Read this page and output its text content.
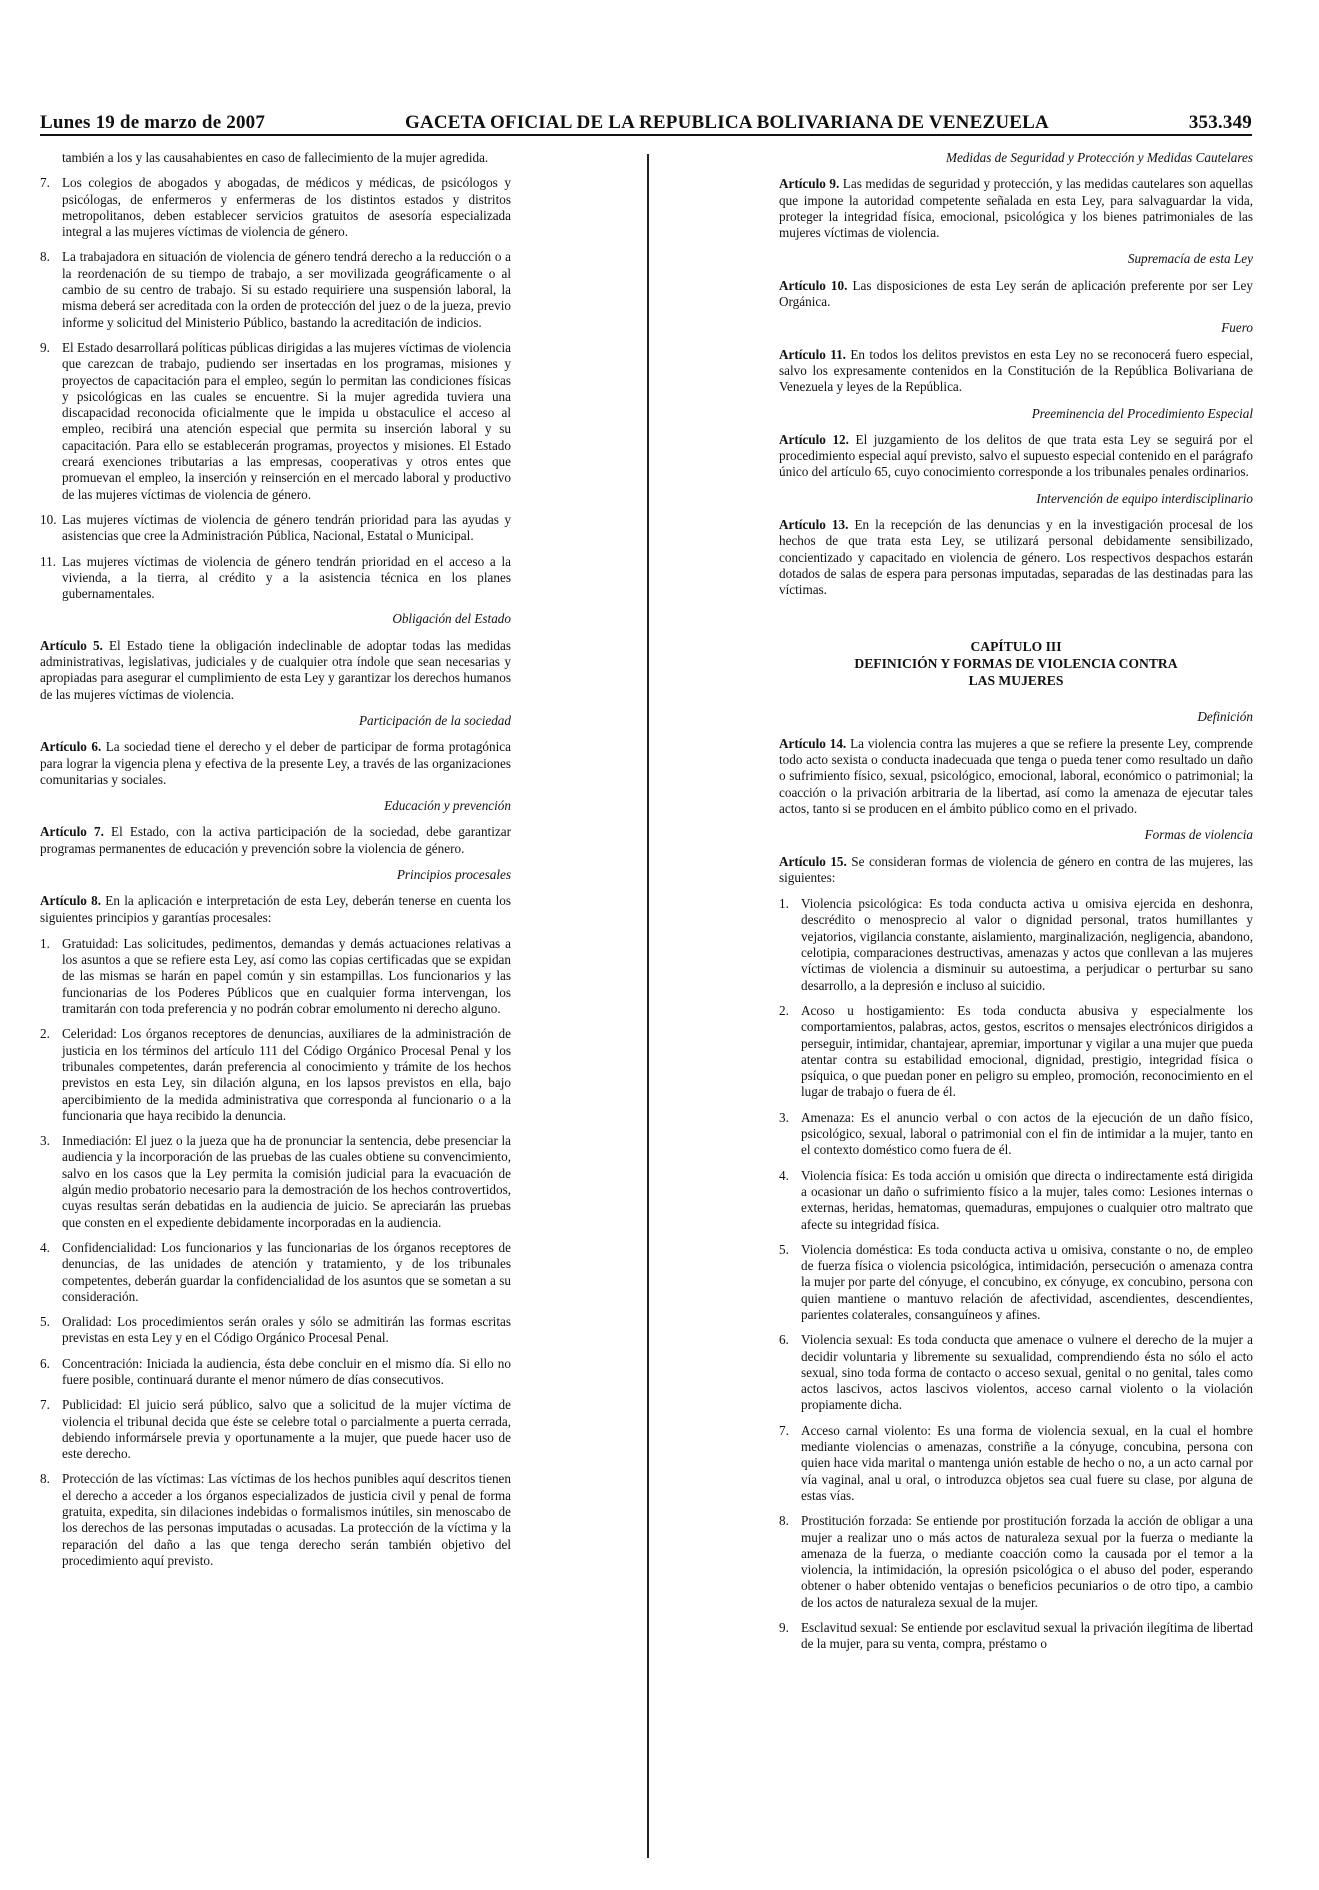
Lunes 19 de marzo de 2007	GACETA OFICIAL DE LA REPUBLICA BOLIVARIANA DE VENEZUELA	353.349
también a los y las causahabientes en caso de fallecimiento de la mujer agredida.
7. Los colegios de abogados y abogadas, de médicos y médicas, de psicólogos y psicólogas, de enfermeros y enfermeras de los distintos estados y distritos metropolitanos, deben establecer servicios gratuitos de asesoría especializada integral a las mujeres víctimas de violencia de género.
8. La trabajadora en situación de violencia de género tendrá derecho a la reducción o a la reordenación de su tiempo de trabajo, a ser movilizada geográficamente o al cambio de su centro de trabajo. Si su estado requiriere una suspensión laboral, la misma deberá ser acreditada con la orden de protección del juez o de la jueza, previo informe y solicitud del Ministerio Público, bastando la acreditación de indicios.
9. El Estado desarrollará políticas públicas dirigidas a las mujeres víctimas de violencia que carezcan de trabajo, pudiendo ser insertadas en los programas, misiones y proyectos de capacitación para el empleo, según lo permitan las condiciones físicas y psicológicas en las cuales se encuentre. Si la mujer agredida tuviera una discapacidad reconocida oficialmente que le impida u obstaculice el acceso al empleo, recibirá una atención especial que permita su inserción laboral y su capacitación. Para ello se establecerán programas, proyectos y misiones. El Estado creará exenciones tributarias a las empresas, cooperativas y otros entes que promuevan el empleo, la inserción y reinserción en el mercado laboral y productivo de las mujeres víctimas de violencia de género.
10. Las mujeres víctimas de violencia de género tendrán prioridad para las ayudas y asistencias que cree la Administración Pública, Nacional, Estatal o Municipal.
11. Las mujeres víctimas de violencia de género tendrán prioridad en el acceso a la vivienda, a la tierra, al crédito y a la asistencia técnica en los planes gubernamentales.

Obligación del Estado

Artículo 5. El Estado tiene la obligación indeclinable de adoptar todas las medidas administrativas, legislativas, judiciales y de cualquier otra índole que sean necesarias y apropiadas para asegurar el cumplimiento de esta Ley y garantizar los derechos humanos de las mujeres víctimas de violencia.

Participación de la sociedad

Artículo 6. La sociedad tiene el derecho y el deber de participar de forma protagónica para lograr la vigencia plena y efectiva de la presente Ley, a través de las organizaciones comunitarias y sociales.

Educación y prevención

Artículo 7. El Estado, con la activa participación de la sociedad, debe garantizar programas permanentes de educación y prevención sobre la violencia de género.

Principios procesales

Artículo 8. En la aplicación e interpretación de esta Ley, deberán tenerse en cuenta los siguientes principios y garantías procesales:

1. Gratuidad: Las solicitudes, pedimentos, demandas y demás actuaciones relativas a los asuntos a que se refiere esta Ley, así como las copias certificadas que se expidan de las mismas se harán en papel común y sin estampillas. Los funcionarios y las funcionarias de los Poderes Públicos que en cualquier forma intervengan, los tramitarán con toda preferencia y no podrán cobrar emolumento ni derecho alguno.
2. Celeridad: Los órganos receptores de denuncias, auxiliares de la administración de justicia en los términos del artículo 111 del Código Orgánico Procesal Penal y los tribunales competentes, darán preferencia al conocimiento y trámite de los hechos previstos en esta Ley, sin dilación alguna, en los lapsos previstos en ella, bajo apercibimiento de la medida administrativa que corresponda al funcionario o a la funcionaria que haya recibido la denuncia.
3. Inmediación: El juez o la jueza que ha de pronunciar la sentencia, debe presenciar la audiencia y la incorporación de las pruebas de las cuales obtiene su convencimiento, salvo en los casos que la Ley permita la comisión judicial para la evacuación de algún medio probatorio necesario para la demostración de los hechos controvertidos, cuyas resultas serán debatidas en la audiencia de juicio. Se apreciarán las pruebas que consten en el expediente debidamente incorporadas en la audiencia.
4. Confidencialidad: Los funcionarios y las funcionarias de los órganos receptores de denuncias, de las unidades de atención y tratamiento, y de los tribunales competentes, deberán guardar la confidencialidad de los asuntos que se sometan a su consideración.
5. Oralidad: Los procedimientos serán orales y sólo se admitirán las formas escritas previstas en esta Ley y en el Código Orgánico Procesal Penal.
6. Concentración: Iniciada la audiencia, ésta debe concluir en el mismo día. Si ello no fuere posible, continuará durante el menor número de días consecutivos.
7. Publicidad: El juicio será público, salvo que a solicitud de la mujer víctima de violencia el tribunal decida que éste se celebre total o parcialmente a puerta cerrada, debiendo informársele previa y oportunamente a la mujer, que puede hacer uso de este derecho.
8. Protección de las víctimas: Las víctimas de los hechos punibles aquí descritos tienen el derecho a acceder a los órganos especializados de justicia civil y penal de forma gratuita, expedita, sin dilaciones indebidas o formalismos inútiles, sin menoscabo de los derechos de las personas imputadas o acusadas. La protección de la víctima y la reparación del daño a las que tenga derecho serán también objetivo del procedimiento aquí previsto.

Medidas de Seguridad y Protección y Medidas Cautelares

Artículo 9. Las medidas de seguridad y protección, y las medidas cautelares son aquellas que impone la autoridad competente señalada en esta Ley, para salvaguardar la vida, proteger la integridad física, emocional, psicológica y los bienes patrimoniales de las mujeres víctimas de violencia.

Supremacía de esta Ley

Artículo 10. Las disposiciones de esta Ley serán de aplicación preferente por ser Ley Orgánica.

Fuero

Artículo 11. En todos los delitos previstos en esta Ley no se reconocerá fuero especial, salvo los expresamente contenidos en la Constitución de la República Bolivariana de Venezuela y leyes de la República.

Preeminencia del Procedimiento Especial

Artículo 12. El juzgamiento de los delitos de que trata esta Ley se seguirá por el procedimiento especial aquí previsto, salvo el supuesto especial contenido en el parágrafo único del artículo 65, cuyo conocimiento corresponde a los tribunales penales ordinarios.

Intervención de equipo interdisciplinario

Artículo 13. En la recepción de las denuncias y en la investigación procesal de los hechos de que trata esta Ley, se utilizará personal debidamente sensibilizado, concientizado y capacitado en violencia de género. Los respectivos despachos estarán dotados de salas de espera para personas imputadas, separadas de las destinadas para las víctimas.

CAPÍTULO III
DEFINICIÓN Y FORMAS DE VIOLENCIA CONTRA
LAS MUJERES

Definición

Artículo 14. La violencia contra las mujeres a que se refiere la presente Ley, comprende todo acto sexista o conducta inadecuada que tenga o pueda tener como resultado un daño o sufrimiento físico, sexual, psicológico, emocional, laboral, económico o patrimonial; la coacción o la privación arbitraria de la libertad, así como la amenaza de ejecutar tales actos, tanto si se producen en el ámbito público como en el privado.

Formas de violencia

Artículo 15. Se consideran formas de violencia de género en contra de las mujeres, las siguientes:

1. Violencia psicológica: Es toda conducta activa u omisiva ejercida en deshonra, descrédito o menosprecio al valor o dignidad personal, tratos humillantes y vejatorios, vigilancia constante, aislamiento, marginalización, negligencia, abandono, celotipia, comparaciones destructivas, amenazas y actos que conllevan a las mujeres víctimas de violencia a disminuir su autoestima, a perjudicar o perturbar su sano desarrollo, a la depresión e incluso al suicidio.
2. Acoso u hostigamiento: Es toda conducta abusiva y especialmente los comportamientos, palabras, actos, gestos, escritos o mensajes electrónicos dirigidos a perseguir, intimidar, chantajear, apremiar, importunar y vigilar a una mujer que pueda atentar contra su estabilidad emocional, dignidad, prestigio, integridad física o psíquica, o que puedan poner en peligro su empleo, promoción, reconocimiento en el lugar de trabajo o fuera de él.
3. Amenaza: Es el anuncio verbal o con actos de la ejecución de un daño físico, psicológico, sexual, laboral o patrimonial con el fin de intimidar a la mujer, tanto en el contexto doméstico como fuera de él.
4. Violencia física: Es toda acción u omisión que directa o indirectamente está dirigida a ocasionar un daño o sufrimiento físico a la mujer, tales como: Lesiones internas o externas, heridas, hematomas, quemaduras, empujones o cualquier otro maltrato que afecte su integridad física.
5. Violencia doméstica: Es toda conducta activa u omisiva, constante o no, de empleo de fuerza física o violencia psicológica, intimidación, persecución o amenaza contra la mujer por parte del cónyuge, el concubino, ex cónyuge, ex concubino, persona con quien mantiene o mantuvo relación de afectividad, ascendientes, descendientes, parientes colaterales, consanguíneos y afines.
6. Violencia sexual: Es toda conducta que amenace o vulnere el derecho de la mujer a decidir voluntaria y libremente su sexualidad, comprendiendo ésta no sólo el acto sexual, sino toda forma de contacto o acceso sexual, genital o no genital, tales como actos lascivos, actos lascivos violentos, acceso carnal violento o la violación propiamente dicha.
7. Acceso carnal violento: Es una forma de violencia sexual, en la cual el hombre mediante violencias o amenazas, constriñe a la cónyuge, concubina, persona con quien hace vida marital o mantenga unión estable de hecho o no, a un acto carnal por vía vaginal, anal u oral, o introduzca objetos sea cual fuere su clase, por alguna de estas vías.
8. Prostitución forzada: Se entiende por prostitución forzada la acción de obligar a una mujer a realizar uno o más actos de naturaleza sexual por la fuerza o mediante la amenaza de la fuerza, o mediante coacción como la causada por el temor a la violencia, la intimidación, la opresión psicológica o el abuso del poder, esperando obtener o haber obtenido ventajas o beneficios pecuniarios o de otro tipo, a cambio de los actos de naturaleza sexual de la mujer.
9. Esclavitud sexual: Se entiende por esclavitud sexual la privación ilegítima de libertad de la mujer, para su venta, compra, préstamo o
